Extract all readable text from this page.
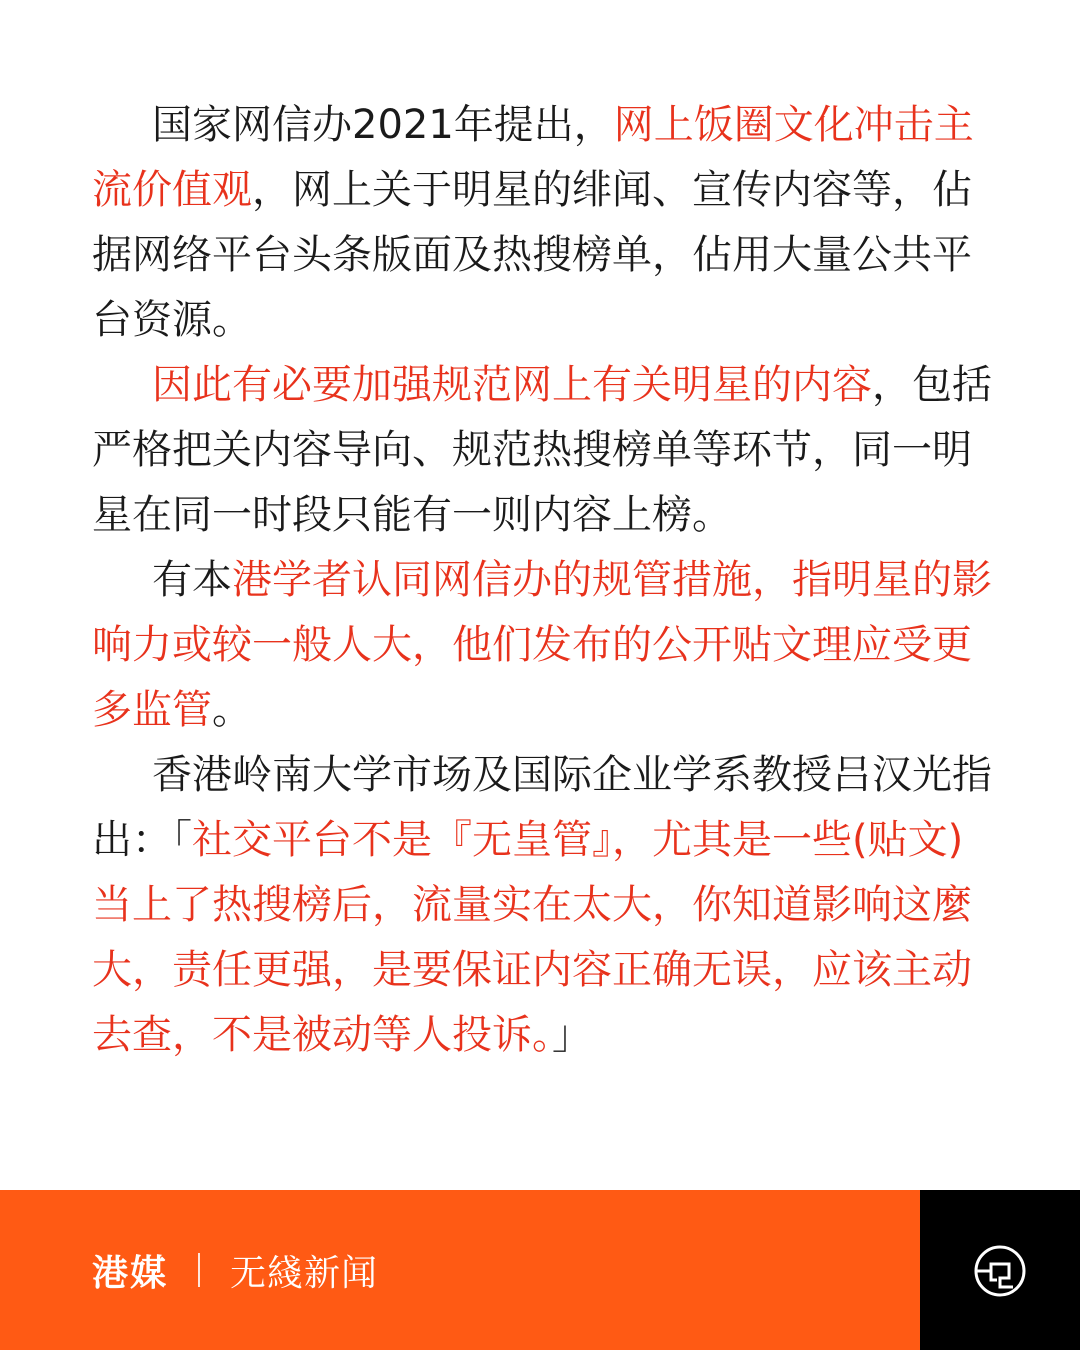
国家网信办2021年提出，网上饭圈文化冲击主流价值观，网上关于明星的绯闻、宣传内容等，佔据网络平台头条版面及热搜榜单，佔用大量公共平台资源。

因此有必要加强规范网上有关明星的内容，包括严格把关内容导向、规范热搜榜单等环节，同一明星在同一时段只能有一则内容上榜。

有本港学者认同网信办的规管措施，指明星的影响力或较一般人大，他们发布的公开贴文理应受更多监管。

香港岭南大学市场及国际企业学系教授吕汉光指出：「社交平台不是『无皇管』，尤其是一些(贴文)当上了热搜榜后，流量实在太大，你知道影响这麼大，责任更强，是要保证内容正确无误，应该主动去查，不是被动等人投诉。」

港媒 无綫新闻
